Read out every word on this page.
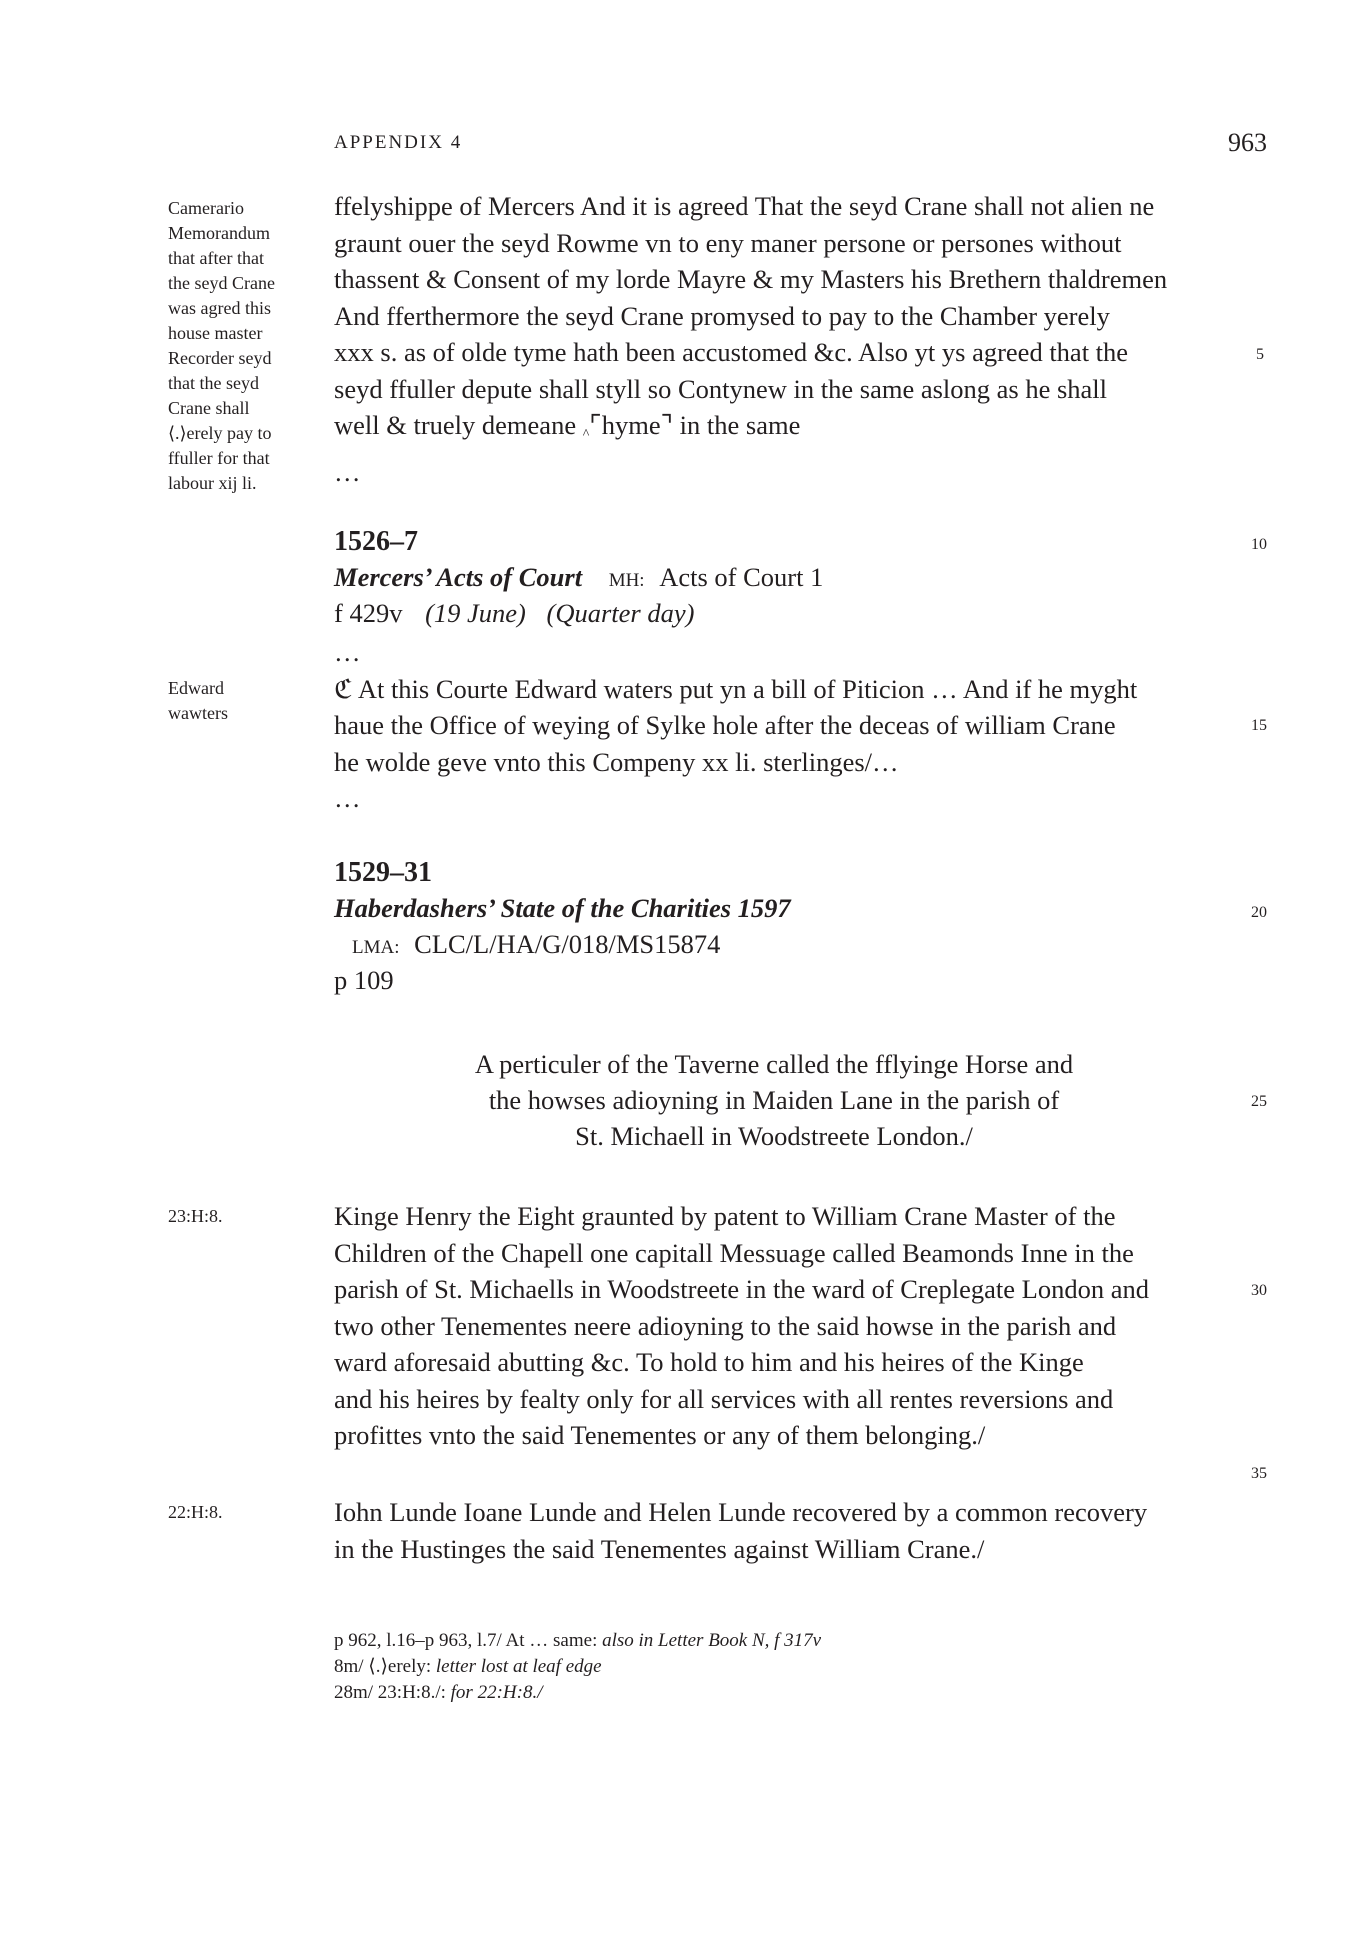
APPENDIX 4	963
Camerario
Memorandum
that after that
the seyd Crane
was agred this
house master
Recorder seyd
that the seyd
Crane shall
⟨.⟩erely pay to
ffuller for that
labour xij li.
Edward
wawters
23:H:8.
22:H:8.
5
10
15
20
25
30
35
ffelyshippe of Mercers And it is agreed That the seyd Crane shall not alien ne
graunt ouer the seyd Rowme vn to eny maner persone or persones without
thassent & Consent of my lorde Mayre & my Masters his Brethern thaldremen
And fferthermore the seyd Crane promysed to pay to the Chamber yerely
xxx s. as of olde tyme hath been accustomed &c. Also yt ys agreed that the
seyd ffuller depute shall styll so Contynew in the same aslong as he shall
well & truely demeane ^⌜hyme⌝ in the same
…
1526–7
Mercers’ Acts of Court MH: Acts of Court 1
f 429v (19 June) (Quarter day)
…
ℭ At this Courte Edward waters put yn a bill of Piticion … And if he myght
haue the Office of weying of Sylke hole after the deceas of william Crane
he wolde geve vnto this Compeny xx li. sterlinges/…
…
1529–31
Haberdashers’ State of the Charities 1597
LMA: CLC/L/HA/G/018/MS15874
p 109
A perticuler of the Taverne called the fflyinge Horse and
the howses adioyning in Maiden Lane in the parish of
St. Michaell in Woodstreete London./
Kinge Henry the Eight graunted by patent to William Crane Master of the
Children of the Chapell one capitall Messuage called Beamonds Inne in the
parish of St. Michaells in Woodstreete in the ward of Creplegate London and
two other Tenementes neere adioyning to the said howse in the parish and
ward aforesaid abutting &c. To hold to him and his heires of the Kinge
and his heires by fealty only for all services with all rentes reversions and
profittes vnto the said Tenementes or any of them belonging./
Iohn Lunde Ioane Lunde and Helen Lunde recovered by a common recovery
in the Hustinges the said Tenementes against William Crane./
p 962, l.16–p 963, l.7/ At … same: also in Letter Book N, f 317v
8m/ ⟨.⟩erely: letter lost at leaf edge
28m/ 23:H:8./: for 22:H:8./
